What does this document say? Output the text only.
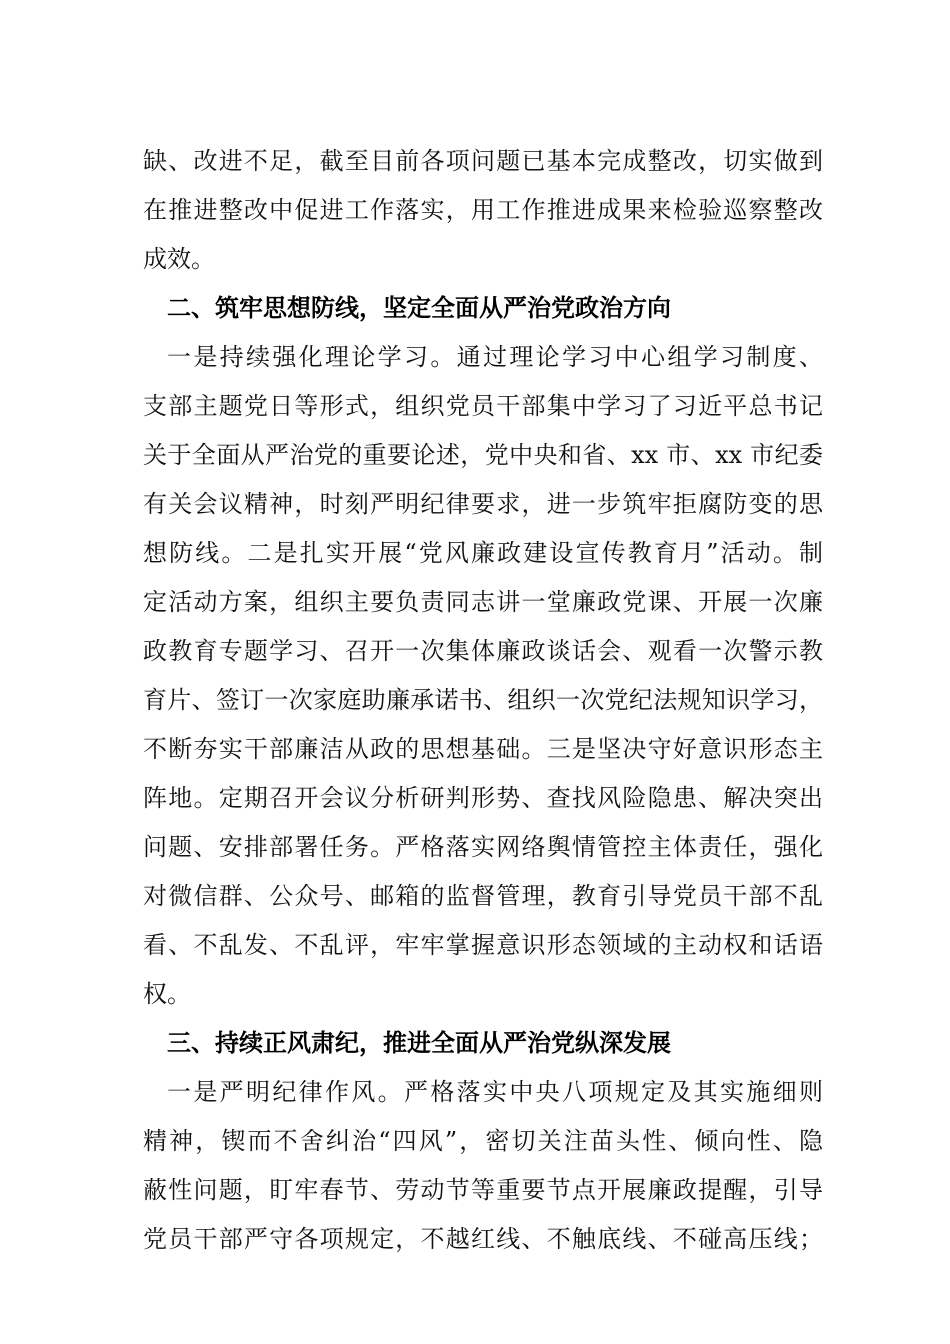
缺、改进不足，截至目前各项问题已基本完成整改，切实做到
在推进整改中促进工作落实，用工作推进成果来检验巡察整改
成效。
二、筑牢思想防线，坚定全面从严治党政治方向
一是持续强化理论学习。通过理论学习中心组学习制度、
支部主题党日等形式，组织党员干部集中学习了习近平总书记
关于全面从严治党的重要论述，党中央和省、xx 市、xx 市纪委
有关会议精神，时刻严明纪律要求，进一步筑牢拒腐防变的思
想防线。二是扎实开展“党风廉政建设宣传教育月”活动。制
定活动方案，组织主要负责同志讲一堂廉政党课、开展一次廉
政教育专题学习、召开一次集体廉政谈话会、观看一次警示教
育片、签订一次家庭助廉承诺书、组织一次党纪法规知识学习，
不断夯实干部廉洁从政的思想基础。三是坚决守好意识形态主
阵地。定期召开会议分析研判形势、查找风险隐患、解决突出
问题、安排部署任务。严格落实网络舆情管控主体责任，强化
对微信群、公众号、邮箱的监督管理，教育引导党员干部不乱
看、不乱发、不乱评，牢牢掌握意识形态领域的主动权和话语
权。
三、持续正风肃纪，推进全面从严治党纵深发展
一是严明纪律作风。严格落实中央八项规定及其实施细则
精神，锲而不舍纠治“四风”，密切关注苗头性、倾向性、隐
蔽性问题，盯牢春节、劳动节等重要节点开展廉政提醒，引导
党员干部严守各项规定，不越红线、不触底线、不碰高压线；
